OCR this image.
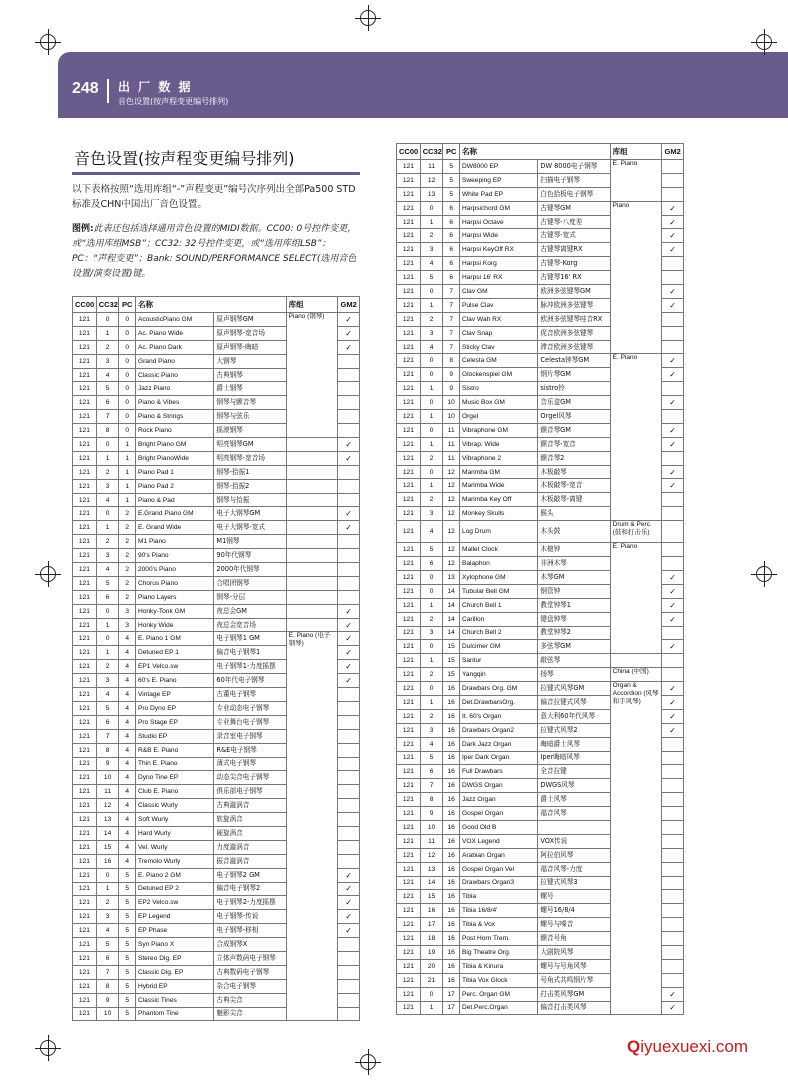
248 出 厂 数 据
音色设置(按声程变更编号排列)
音色设置(按声程变更编号排列)
以下表格按照“选用库组“-”声程变更”编号次序列出全部Pa500 STD标准及CHN中国出厂音色设置。
图例:此表还包括选择通用音色设置的MIDI数据。CC00: 0号控件变更，或“选用库组MSB”；CC32: 32号控件变更，或“选用库组LSB”；PC：“声程变更”；Bank: SOUND/PERFORMANCE SELECT(选用音色设置/演奏设置)键。
CC00	CC32	PC	名称		库组	GM2
121	0	0	AcousticPiano GM	原声钢琴GM	Piano (钢琴)	✓
121	1	0	Ac. Piano Wide	原声钢琴-宽音场		✓
121	2	0	Ac. Piano Dark	原声钢琴-晦暗		✓
121	3	0	Grand Piano	大钢琴		
121	4	0	Classic Piano	古典钢琴		
121	5	0	Jazz Piano	爵士钢琴		
121	6	0	Piano & Vibes	钢琴与颤音琴		
121	7	0	Piano & Strings	钢琴与弦乐		
121	8	0	Rock Piano	摇滚钢琴		
121	0	1	Bright Piano GM	明亮钢琴GM		✓
121	1	1	Bright PianoWide	明亮钢琴-宽音场		✓
121	2	1	Piano Pad 1	钢琴-拾振1		
121	3	1	Piano Pad 2	钢琴-拾振2		
121	4	1	Piano & Pad	钢琴与拾振		
121	0	2	E.Grand Piano GM	电子大钢琴GM		✓
121	1	2	E. Grand Wide	电子大钢琴-宽式		✓
121	2	2	M1 Piano	M1钢琴		
121	3	2	90's Piano	90年代钢琴		
121	4	2	2000's Piano	2000年代钢琴		
121	5	2	Chorus Piano	合唱团钢琴		
121	6	2	Piano Layers	钢琴-分层		
121	0	3	Honky-Tonk GM	夜总会GM		✓
121	1	3	Honky Wide	夜总会宽音场		✓
121	0	4	E. Piano 1 GM	电子钢琴1 GM	E. Piano (电子钢琴)	✓
121	1	4	Detuned EP 1	偏音电子钢琴1		✓
121	2	4	EP1 Velco.sw	电子钢琴1-力度摇摆		✓
121	3	4	60's E. Piano	60年代电子钢琴		✓
121	4	4	Vintage EP	古董电子钢琴		
121	5	4	Pro Dyno EP	专业动态电子钢琴		
121	6	4	Pro Stage EP	专业舞台电子钢琴		
121	7	4	Studio EP	录音室电子钢琴		
121	8	4	R&B E. Piano	R&E电子钢琴		
121	9	4	Thin E. Piano	薄式电子钢琴		
121	10	4	Dyno Tine EP	动态尖音电子钢琴		
121	11	4	Club E. Piano	俱乐部电子钢琴		
121	12	4	Classic Wurly	古典漩涡音		
121	13	4	Soft Wurly	软旋涡音		
121	14	4	Hard Wurly	硬旋涡音		
121	15	4	Vel. Wurly	力度漩涡音		
121	16	4	Tremolo Wurly	振音漩涡音		
121	0	5	E. Piano 2 GM	电子钢琴2 GM		✓
121	1	5	Detuned EP 2	偏音电子钢琴2		✓
121	2	5	EP2 Velco.sw	电子钢琴2-力度摇摆		✓
121	3	5	EP Legend	电子钢琴-传说		✓
121	4	5	EP Phase	电子钢琴-移相		✓
121	5	5	Syn Piano X	合成钢琴X		
121	6	5	Stereo Dig. EP	立体声数码电子钢琴		
121	7	5	Classic Dig. EP	古典数码电子钢琴		
121	8	5	Hybrid EP	杂合电子钢琴		
121	9	5	Classic Tines	古典尖音		
121	10	5	Phantom Tine	魅影尖音		
CC00	CC32	PC	名称		库组	GM2
121	11	5	DW8000 EP	DW 8000电子钢琴	E. Piano	
121	12	5	Sweeping EP	扫描电子钢琴		
121	13	5	White Pad EP	白色拾板电子钢琴		
121	0	6	Harpsichord GM	古键琴GM	Piano	✓
121	1	6	Harpsi Octave	古键琴-八度差		✓
121	2	6	Harpsi Wide	古键琴-宽式		✓
121	3	6	Harpsi KeyOff RX	古键琴离键RX		✓
121	4	6	Harpsi Korg	古键琴-Korg		
121	5	6	Harpsi 16' RX	古键琴16' RX		
121	0	7	Clav GM	欧洲多弦键琴GM		✓
121	1	7	Pulse Clav	脉冲欧洲多弦键琴		✓
121	2	7	Clav Wah RX	欧洲多弦键琴哇音RX		
121	3	7	Clav Snap	促音欧洲多弦键琴		
121	4	7	Sticky Clav	滞音欧洲多弦键琴		
121	0	8	Celesta GM	Celesta钟琴GM	E. Piano	✓
121	0	9	Glockenspiel GM	钢片琴GM		✓
121	1	9	Sistro	sistro铃		
121	0	10	Music Box GM	音乐盒GM		✓
121	1	10	Orgel	Orgel风琴		
121	0	11	Vibraphone GM	颤音琴GM		✓
121	1	11	Vibrap. Wide	颤音琴-宽音		✓
121	2	11	Vibraphone 2	颤音琴2		
121	0	12	Marimba GM	木板敲琴		✓
121	1	12	Marimba Wide	木板敲琴-宽音		✓
121	2	12	Marimba Key Off	木板敲琴-离键		
121	3	12	Monkey Skulls	猴头		
121	4	12	Log Drum	木头鼓	Drum & Perc. (鼓和打击乐)	
121	5	12	Mallet Clock	木槌钟	E. Piano	
121	6	12	Balaphon	非洲木琴		
121	0	13	Xylophone GM	木琴GM		✓
121	0	14	Tubular Bell GM	钢管钟		✓
121	1	14	Church Bell 1	教堂钟琴1		✓
121	2	14	Carillon	键盘钟琴		✓
121	3	14	Church Bell 2	教堂钟琴2		
121	0	15	Dulcimer GM	多弦琴GM		✓
121	1	15	Santur	敲弦琴		
121	2	15	Yangqin	扬琴	China (中国)	
121	0	16	Drawbars Org. GM	拉键式风琴GM	Organ & Accordion (风琴和手风琴)	✓
121	1	16	Det.DrawbarsOrg.	偏音拉键式风琴		✓
121	2	16	It. 60's Organ	意大利60年代风琴		✓
121	3	16	Drawbars Organ2	拉键式风琴2		✓
121	4	16	Dark Jazz Organ	晦暗爵士风琴		
121	5	16	Iper Dark Organ	Iper晦暗风琴		
121	6	16	Full Drawbars	全音拉键		
121	7	16	DWGS Organ	DWGS风琴		
121	8	16	Jazz Organ	爵士风琴		
121	9	16	Gospel Organ	福音风琴		
121	10	16	Good Old B			
121	11	16	VOX Legend	VOX传说		
121	12	16	Arabian Organ	阿拉伯风琴		
121	13	16	Gospel Organ Vel	福音风琴-力度		
121	14	16	Drawbars Organ3	拉键式风琴3		
121	15	16	Tibia	螺号		
121	16	16	Tibia 16/8/4'	螺号16/8/4		
121	17	16	Tibia & Vox	螺号与嗓音		
121	18	16	Post Horn Trem.	颤音号角		
121	19	16	Big Theatre Org.	大剧院风琴		
121	20	16	Tibia & Kinura	螺号与号角风琴		
121	21	16	Tibia Vox Glock	号角式共鸣钢片琴		
121	0	17	Perc. Organ GM	打击类风琴GM		✓
121	1	17	Det.Perc.Organ	偏音打击类风琴		✓
Qiyuexuexi.com
